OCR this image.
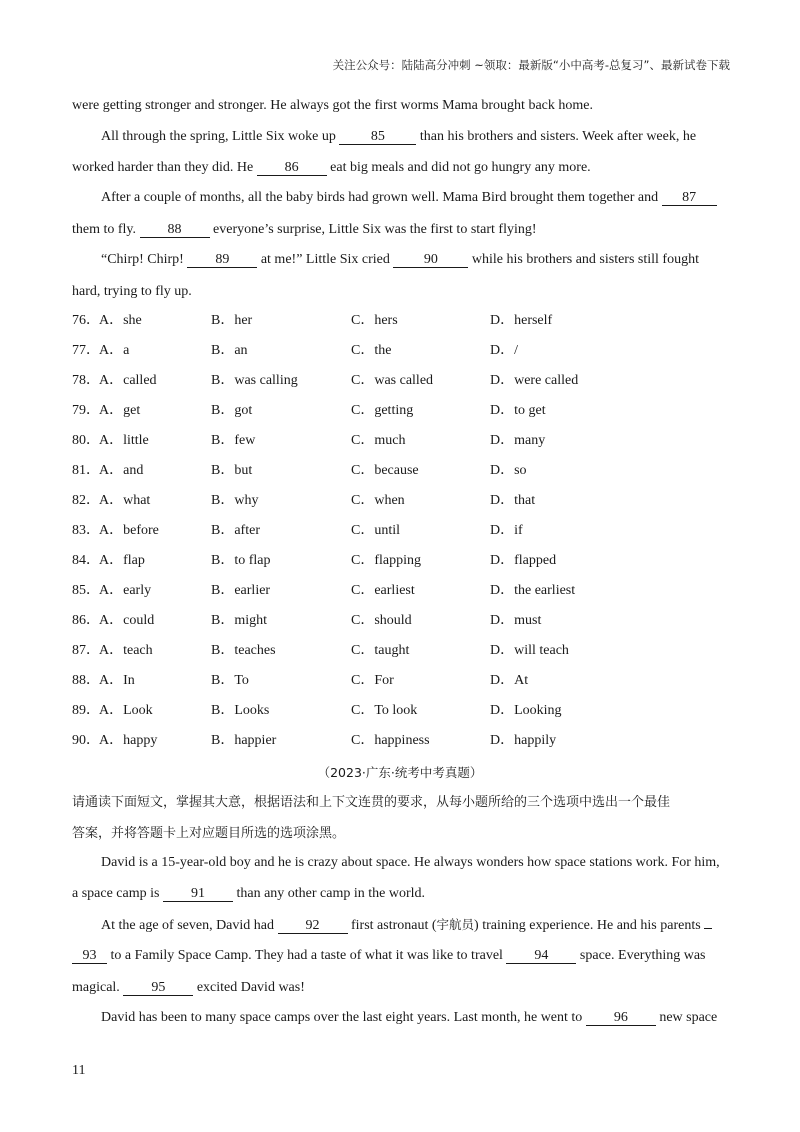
关注公众号：陆陆高分冲刺 ~领取：最新版“小中高考-总复习”、最新试卷下载
were getting stronger and stronger. He always got the first worms Mama brought back home.
All through the spring, Little Six woke up	85	than his brothers and sisters. Week after week, he
worked harder than they did. He 86 eat big meals and did not go hungry any more.
After a couple of months, all the baby birds had grown well. Mama Bird brought them together and 87
them to fly. 88 everyone’s surprise, Little Six was the first to start flying!
“Chirp! Chirp! 89 at me!” Little Six cried 90 while his brothers and sisters still fought
hard, trying to fly up.
76． A．she	B．her	C．hers	D．herself
77． A．a	B．an	C．the	D．/
78． A．called	B．was calling	C．was called	D．were called
79． A．get	B．got	C．getting	D．to get
80． A．little	B．few	C．much	D．many
81． A．and	B．but	C．because	D．so
82． A．what	B．why	C．when	D．that
83． A．before	B．after	C．until	D．if
84． A．flap	B．to flap	C．flapping	D．flapped
85． A．early	B．earlier	C．earliest	D．the earliest
86． A．could	B．might	C．should	D．must
87． A．teach	B．teaches	C．taught	D．will teach
88． A．In	B．To	C．For	D．At
89． A．Look	B．Looks	C．To look	D．Looking
90． A．happy	B．happier	C．happiness	D．happily
（2023·广东·统考中考真题）
请通读下面短文，掌握其大意，根据语法和上下文连贯的要求，从每小题所给的三个选项中选出一个最佳
答案，并将答题卡上对应题目所选的选项涂黑。
David is a 15-year-old boy and he is crazy about space. He always wonders how space stations work. For him,
a space camp is 91 than any other camp in the world.
At the age of seven, David had 92 first astronaut (宇航员) training experience. He and his parents
93 to a Family Space Camp. They had a taste of what it was like to travel 94 space. Everything was
magical. 95 excited David was!
David has been to many space camps over the last eight years. Last month, he went to 96 new space
11
